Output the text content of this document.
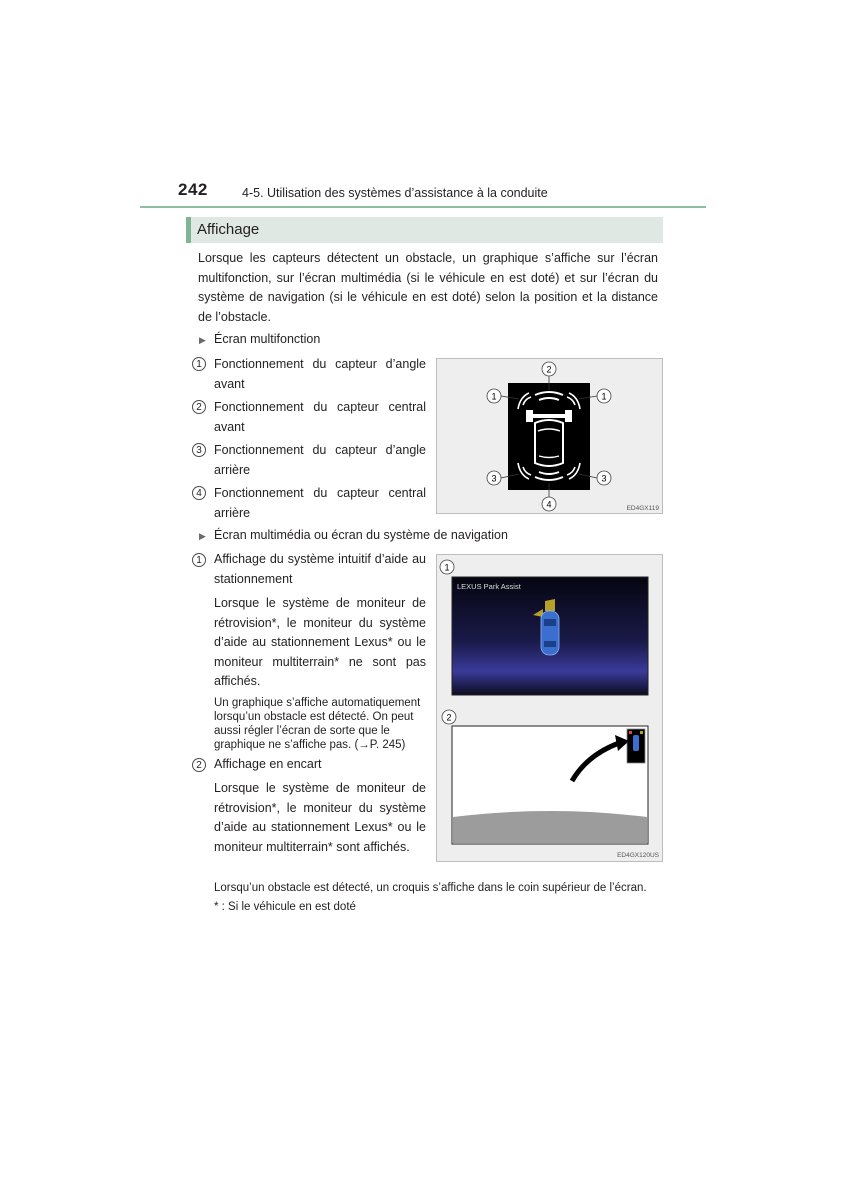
242	4-5. Utilisation des systèmes d’assistance à la conduite
Affichage
Lorsque les capteurs détectent un obstacle, un graphique s’affiche sur l’écran multifonction, sur l’écran multimédia (si le véhicule en est doté) et sur l’écran du système de navigation (si le véhicule en est doté) selon la position et la distance de l’obstacle.
▶ Écran multifonction
1 Fonctionnement du capteur d’angle avant
2 Fonctionnement du capteur central avant
3 Fonctionnement du capteur d’angle arrière
4 Fonctionnement du capteur central arrière
2
1	1
3	3
4	ED4GX119
▶ Écran multimédia ou écran du système de navigation
1 Affichage du système intuitif d’aide au stationnement
Lorsque le système de moniteur de rétrovision*, le moniteur du système d’aide au stationnement Lexus* ou le moniteur multiterrain* ne sont pas affichés.
Un graphique s’affiche automatiquement lorsqu’un obstacle est détecté. On peut aussi régler l’écran de sorte que le graphique ne s’affiche pas. (→P. 245)
2 Affichage en encart
Lorsque le système de moniteur de rétrovision*, le moniteur du système d’aide au stationnement Lexus* ou le moniteur multiterrain* sont affichés.
1
LEXUS Park Assist
2
ED4GX120US
Lorsqu’un obstacle est détecté, un croquis s’affiche dans le coin supérieur de l’écran.
* : Si le véhicule en est doté
